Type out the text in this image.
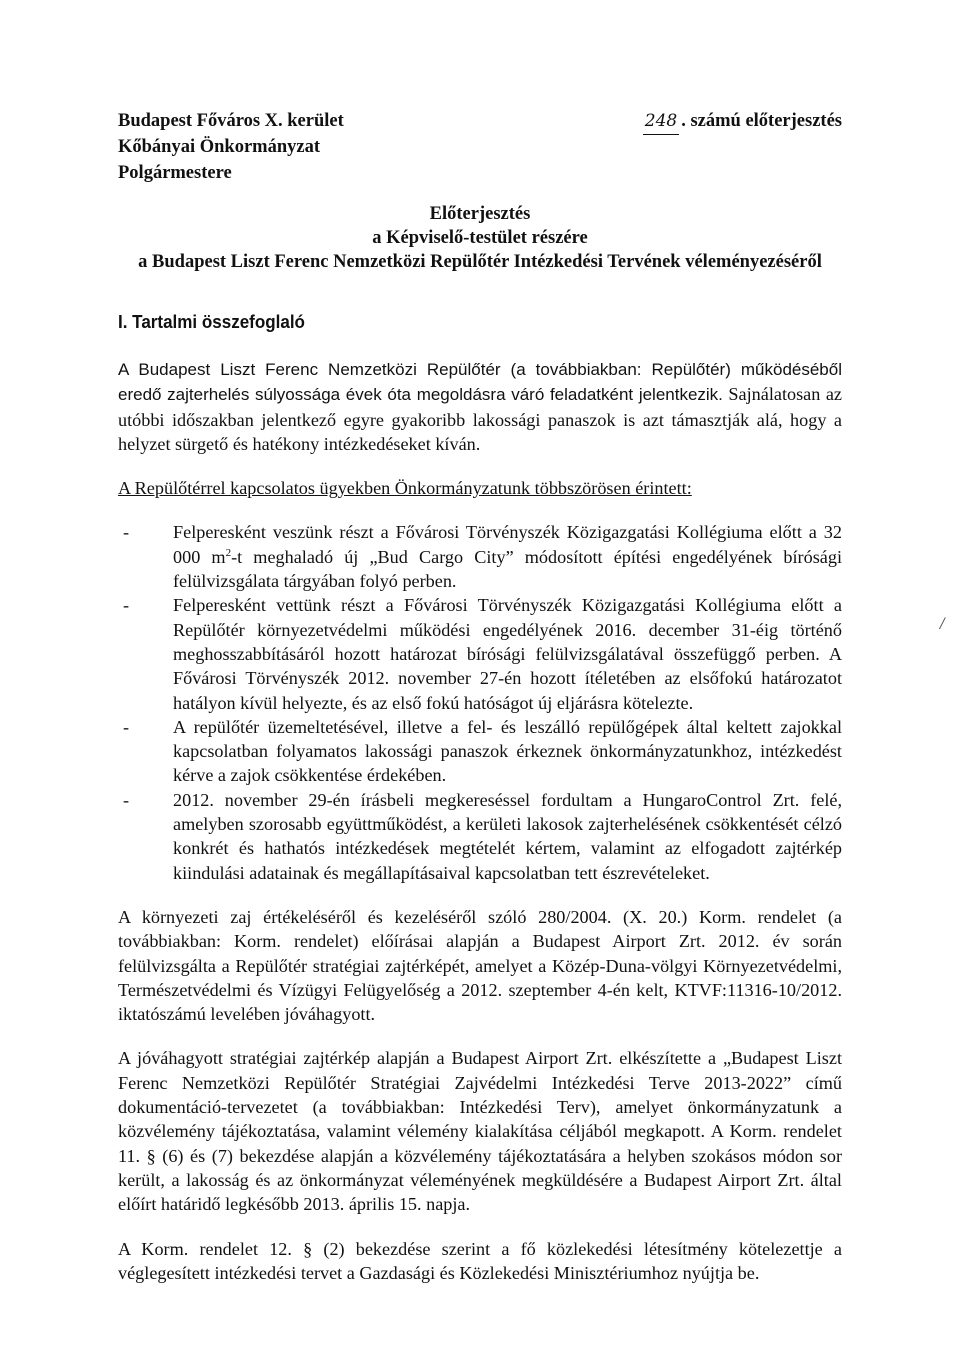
Budapest Főváros X. kerület
Kőbányai Önkormányzat
Polgármestere
248 . számú előterjesztés
Előterjesztés
a Képviselő-testület részére
a Budapest Liszt Ferenc Nemzetközi Repülőtér Intézkedési Tervének véleményezéséről
I. Tartalmi összefoglaló

A Budapest Liszt Ferenc Nemzetközi Repülőtér (a továbbiakban: Repülőtér) működéséből eredő zajterhelés súlyossága évek óta megoldásra váró feladatként jelentkezik. Sajnálatosan az utóbbi időszakban jelentkező egyre gyakoribb lakossági panaszok is azt támasztják alá, hogy a helyzet sürgető és hatékony intézkedéseket kíván.

A Repülőtérrel kapcsolatos ügyekben Önkormányzatunk többszörösen érintett:

- Felperesként veszünk részt a Fővárosi Törvényszék Közigazgatási Kollégiuma előtt a 32 000 $m^2-t$ meghaladó új „Bud Cargo City” módosított építési engedélyének bírósági felülvizsgálata tárgyában folyó perben.
- Felperesként vettünk részt a Fővárosi Törvényszék Közigazgatási Kollégiuma előtt a Repülőtér környezetvédelmi működési engedélyének 2016. december 31-éig történő meghosszabbításáról hozott határozat bírósági felülvizsgálatával összefüggő perben. A Fővárosi Törvényszék 2012. november 27-én hozott ítéletében az elsőfokú határozatot hatályon kívül helyezte, és az első fokú hatóságot új eljárásra kötelezte.
- A repülőtér üzemeltetésével, illetve a fel- és leszálló repülőgépek által keltett zajokkal kapcsolatban folyamatos lakossági panaszok érkeznek önkormányzatunkhoz, intézkedést kérve a zajok csökkentése érdekében.
- 2012. november 29-én írásbeli megkereséssel fordultam a HungaroControl Zrt. felé, amelyben szorosabb együttműködést, a kerületi lakosok zajterhelésének csökkentését célzó konkrét és hathatós intézkedések megtételét kértem, valamint az elfogadott zajtérkép kiindulási adatainak és megállapításaival kapcsolatban tett észrevételeket.

A környezeti zaj értékeléséről és kezeléséről szóló 280/2004. (X. 20.) Korm. rendelet (a továbbiakban: Korm. rendelet) előírásai alapján a Budapest Airport Zrt. 2012. év során felülvizsgálta a Repülőtér stratégiai zajtérképét, amelyet a Közép-Duna-völgyi Környezetvédelmi, Természetvédelmi és Vízügyi Felügyelőség a 2012. szeptember 4-én kelt, KTVF:11316-10/2012. iktatószámú levelében jóváhagyott.

A jóváhagyott stratégiai zajtérkép alapján a Budapest Airport Zrt. elkészítette a „Budapest Liszt Ferenc Nemzetközi Repülőtér Stratégiai Zajvédelmi Intézkedési Terve 2013-2022” című dokumentáció-tervezetet (a továbbiakban: Intézkedési Terv), amelyet önkormányzatunk a közvélemény tájékoztatása, valamint vélemény kialakítása céljából megkapott. A Korm. rendelet 11. § (6) és (7) bekezdése alapján a közvélemény tájékoztatására a helyben szokásos módon sor került, a lakosság és az önkormányzat véleményének megküldésére a Budapest Airport Zrt. által előírt határidő legkésőbb 2013. április 15. napja.

A Korm. rendelet 12. § (2) bekezdése szerint a fő közlekedési létesítmény kötelezettje a véglegesített intézkedési tervet a Gazdasági és Közlekedési Minisztériumhoz nyújtja be.

/
